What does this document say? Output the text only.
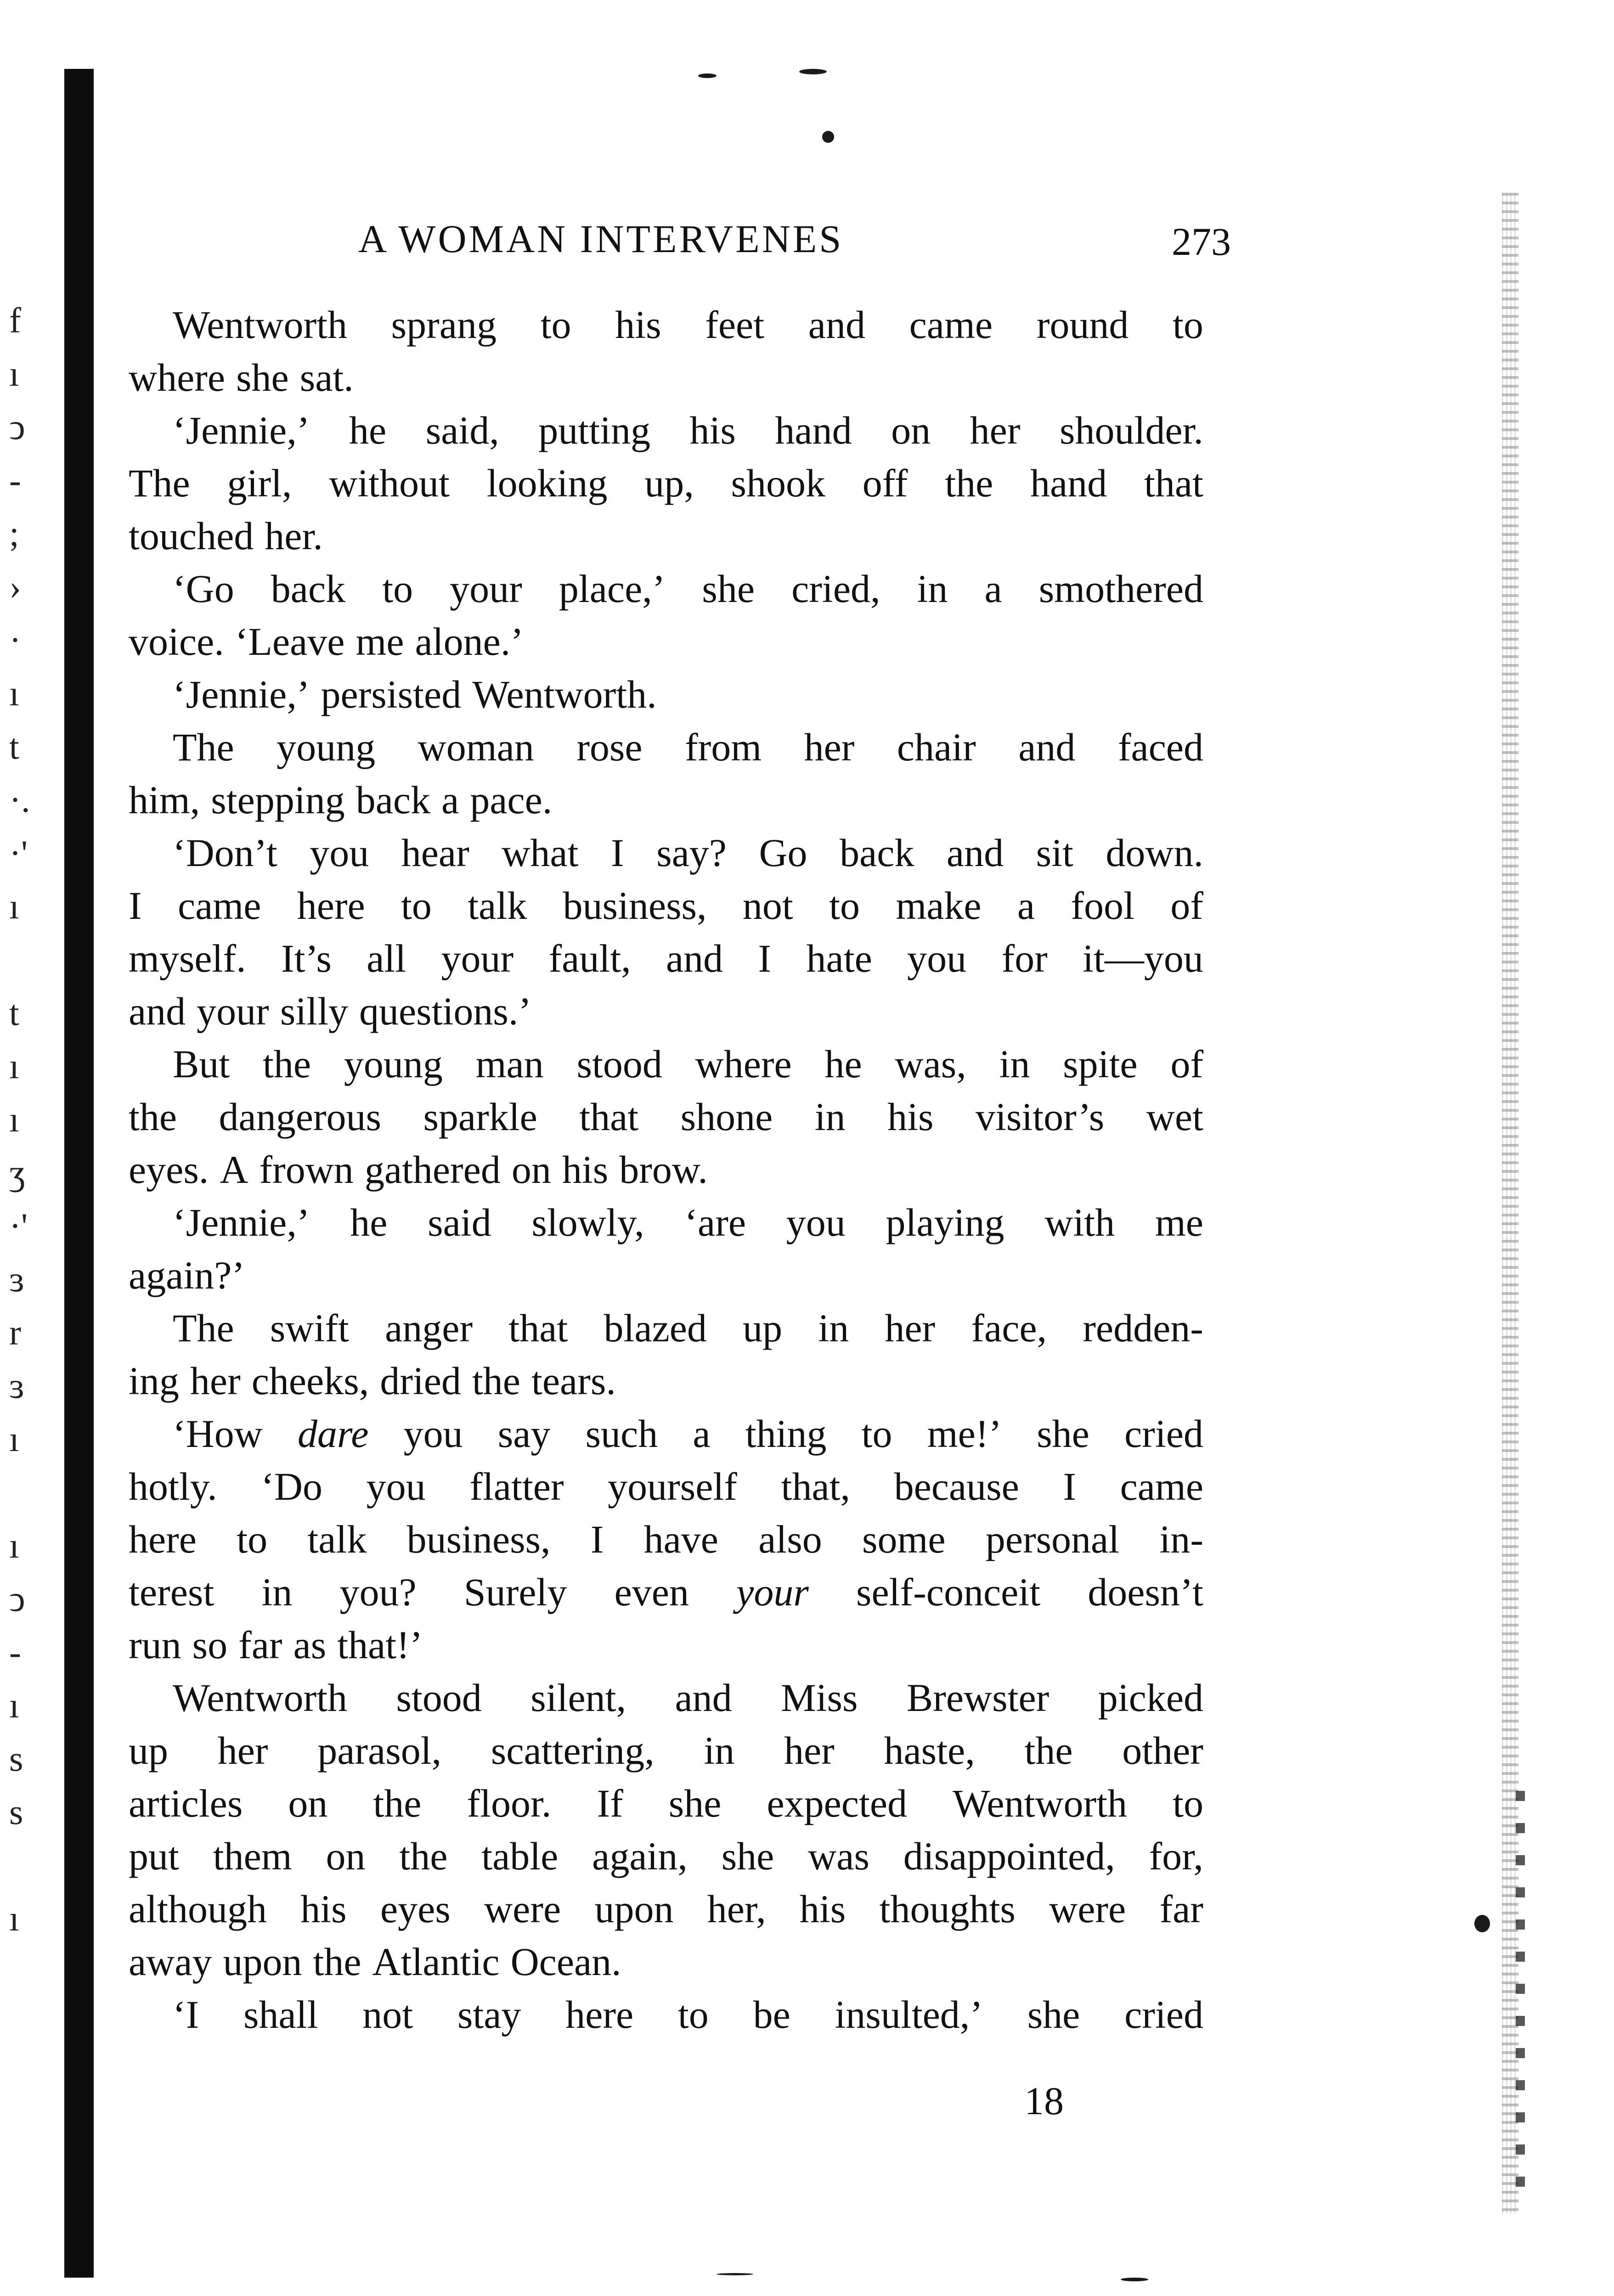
f
ı
ↄ
-
;
›
·
ı
t
·.
·'
ı
t
ı
ı
ʒ
·'
ɜ
r
ɜ
ı
ı
ↄ
-
ı
s
s
ı
A WOMAN INTERVENES	273
Wentworth sprang to his feet and came round to
where she sat.
‘Jennie,’ he said, putting his hand on her shoulder.
The girl, without looking up, shook off the hand that
touched her.
‘Go back to your place,’ she cried, in a smothered
voice. ‘Leave me alone.’
‘Jennie,’ persisted Wentworth.
The young woman rose from her chair and faced
him, stepping back a pace.
‘Don’t you hear what I say? Go back and sit down.
I came here to talk business, not to make a fool of
myself. It’s all your fault, and I hate you for it—you
and your silly questions.’
But the young man stood where he was, in spite of
the dangerous sparkle that shone in his visitor’s wet
eyes. A frown gathered on his brow.
‘Jennie,’ he said slowly, ‘are you playing with me
again?’
The swift anger that blazed up in her face, redden-
ing her cheeks, dried the tears.
‘How dare you say such a thing to me!’ she cried
hotly. ‘Do you flatter yourself that, because I came
here to talk business, I have also some personal in-
terest in you? Surely even your self-conceit doesn’t
run so far as that!’
Wentworth stood silent, and Miss Brewster picked
up her parasol, scattering, in her haste, the other
articles on the floor. If she expected Wentworth to
put them on the table again, she was disappointed, for,
although his eyes were upon her, his thoughts were far
away upon the Atlantic Ocean.
‘I shall not stay here to be insulted,’ she cried
18
